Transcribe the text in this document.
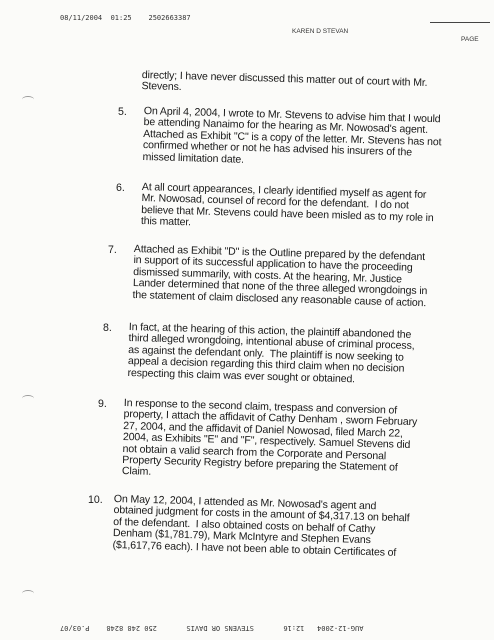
08/11/2004  01:25    2502663387
KAREN D STEVAN
PAGE
directly; I have never discussed this matter out of court with Mr.
Stevens.
5. On April 4, 2004, I wrote to Mr. Stevens to advise him that I would
be attending Nanaimo for the hearing as Mr. Nowosad's agent.
Attached as Exhibit "C" is a copy of the letter. Mr. Stevens has not
confirmed whether or not he has advised his insurers of the
missed limitation date.
6. At all court appearances, I clearly identified myself as agent for
Mr. Nowosad, counsel of record for the defendant.  I do not
believe that Mr. Stevens could have been misled as to my role in
this matter.
7. Attached as Exhibit "D" is the Outline prepared by the defendant
in support of its successful application to have the proceeding
dismissed summarily, with costs. At the hearing, Mr. Justice
Lander determined that none of the three alleged wrongdoings in
the statement of claim disclosed any reasonable cause of action.
8. In fact, at the hearing of this action, the plaintiff abandoned the
third alleged wrongdoing, intentional abuse of criminal process,
as against the defendant only.  The plaintiff is now seeking to
appeal a decision regarding this third claim when no decision
respecting this claim was ever sought or obtained.
9. In response to the second claim, trespass and conversion of
property, I attach the affidavit of Cathy Denham , sworn February
27, 2004, and the affidavit of Daniel Nowosad, filed March 22,
2004, as Exhibits "E" and "F", respectively. Samuel Stevens did
not obtain a valid search from the Corporate and Personal
Property Security Registry before preparing the Statement of
Claim.
10. On May 12, 2004, I attended as Mr. Nowosad's agent and
obtained judgment for costs in the amount of $4,317.13 on behalf
of the defendant.  I also obtained costs on behalf of Cathy
Denham ($1,781.79), Mark McIntyre and Stephen Evans
($1,617,76 each). I have not been able to obtain Certificates of
AUG-12-2004   12:16       STEVENS OR DAVIS       250 248 8248    P.03/07
